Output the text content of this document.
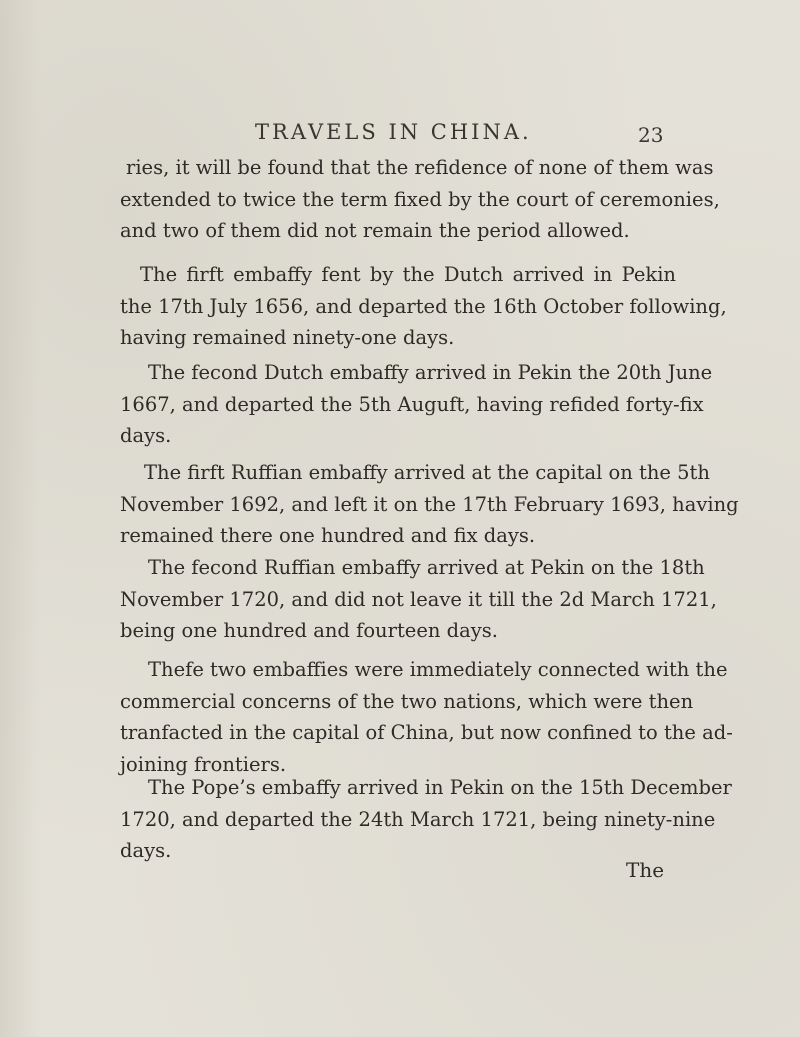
TRAVELS IN CHINA.	23

ries, it will be found that the refidence of none of them was
extended to twice the term fixed by the court of ceremonies,
and two of them did not remain the period allowed.

The firft embaffy fent by the Dutch arrived in Pekin
the 17th July 1656, and departed the 16th October following,
having remained ninety-one days.

The fecond Dutch embaffy arrived in Pekin the 20th June
1667, and departed the 5th Auguft, having refided forty-fix
days.

The firft Ruffian embaffy arrived at the capital on the 5th
November 1692, and left it on the 17th February 1693, having
remained there one hundred and fix days.

The fecond Ruffian embaffy arrived at Pekin on the 18th
November 1720, and did not leave it till the 2d March 1721,
being one hundred and fourteen days.

Thefe two embaffies were immediately connected with the
commercial concerns of the two nations, which were then
tranfacted in the capital of China, but now confined to the ad-
joining frontiers.

The Pope’s embaffy arrived in Pekin on the 15th December
1720, and departed the 24th March 1721, being ninety-nine
days.

The
